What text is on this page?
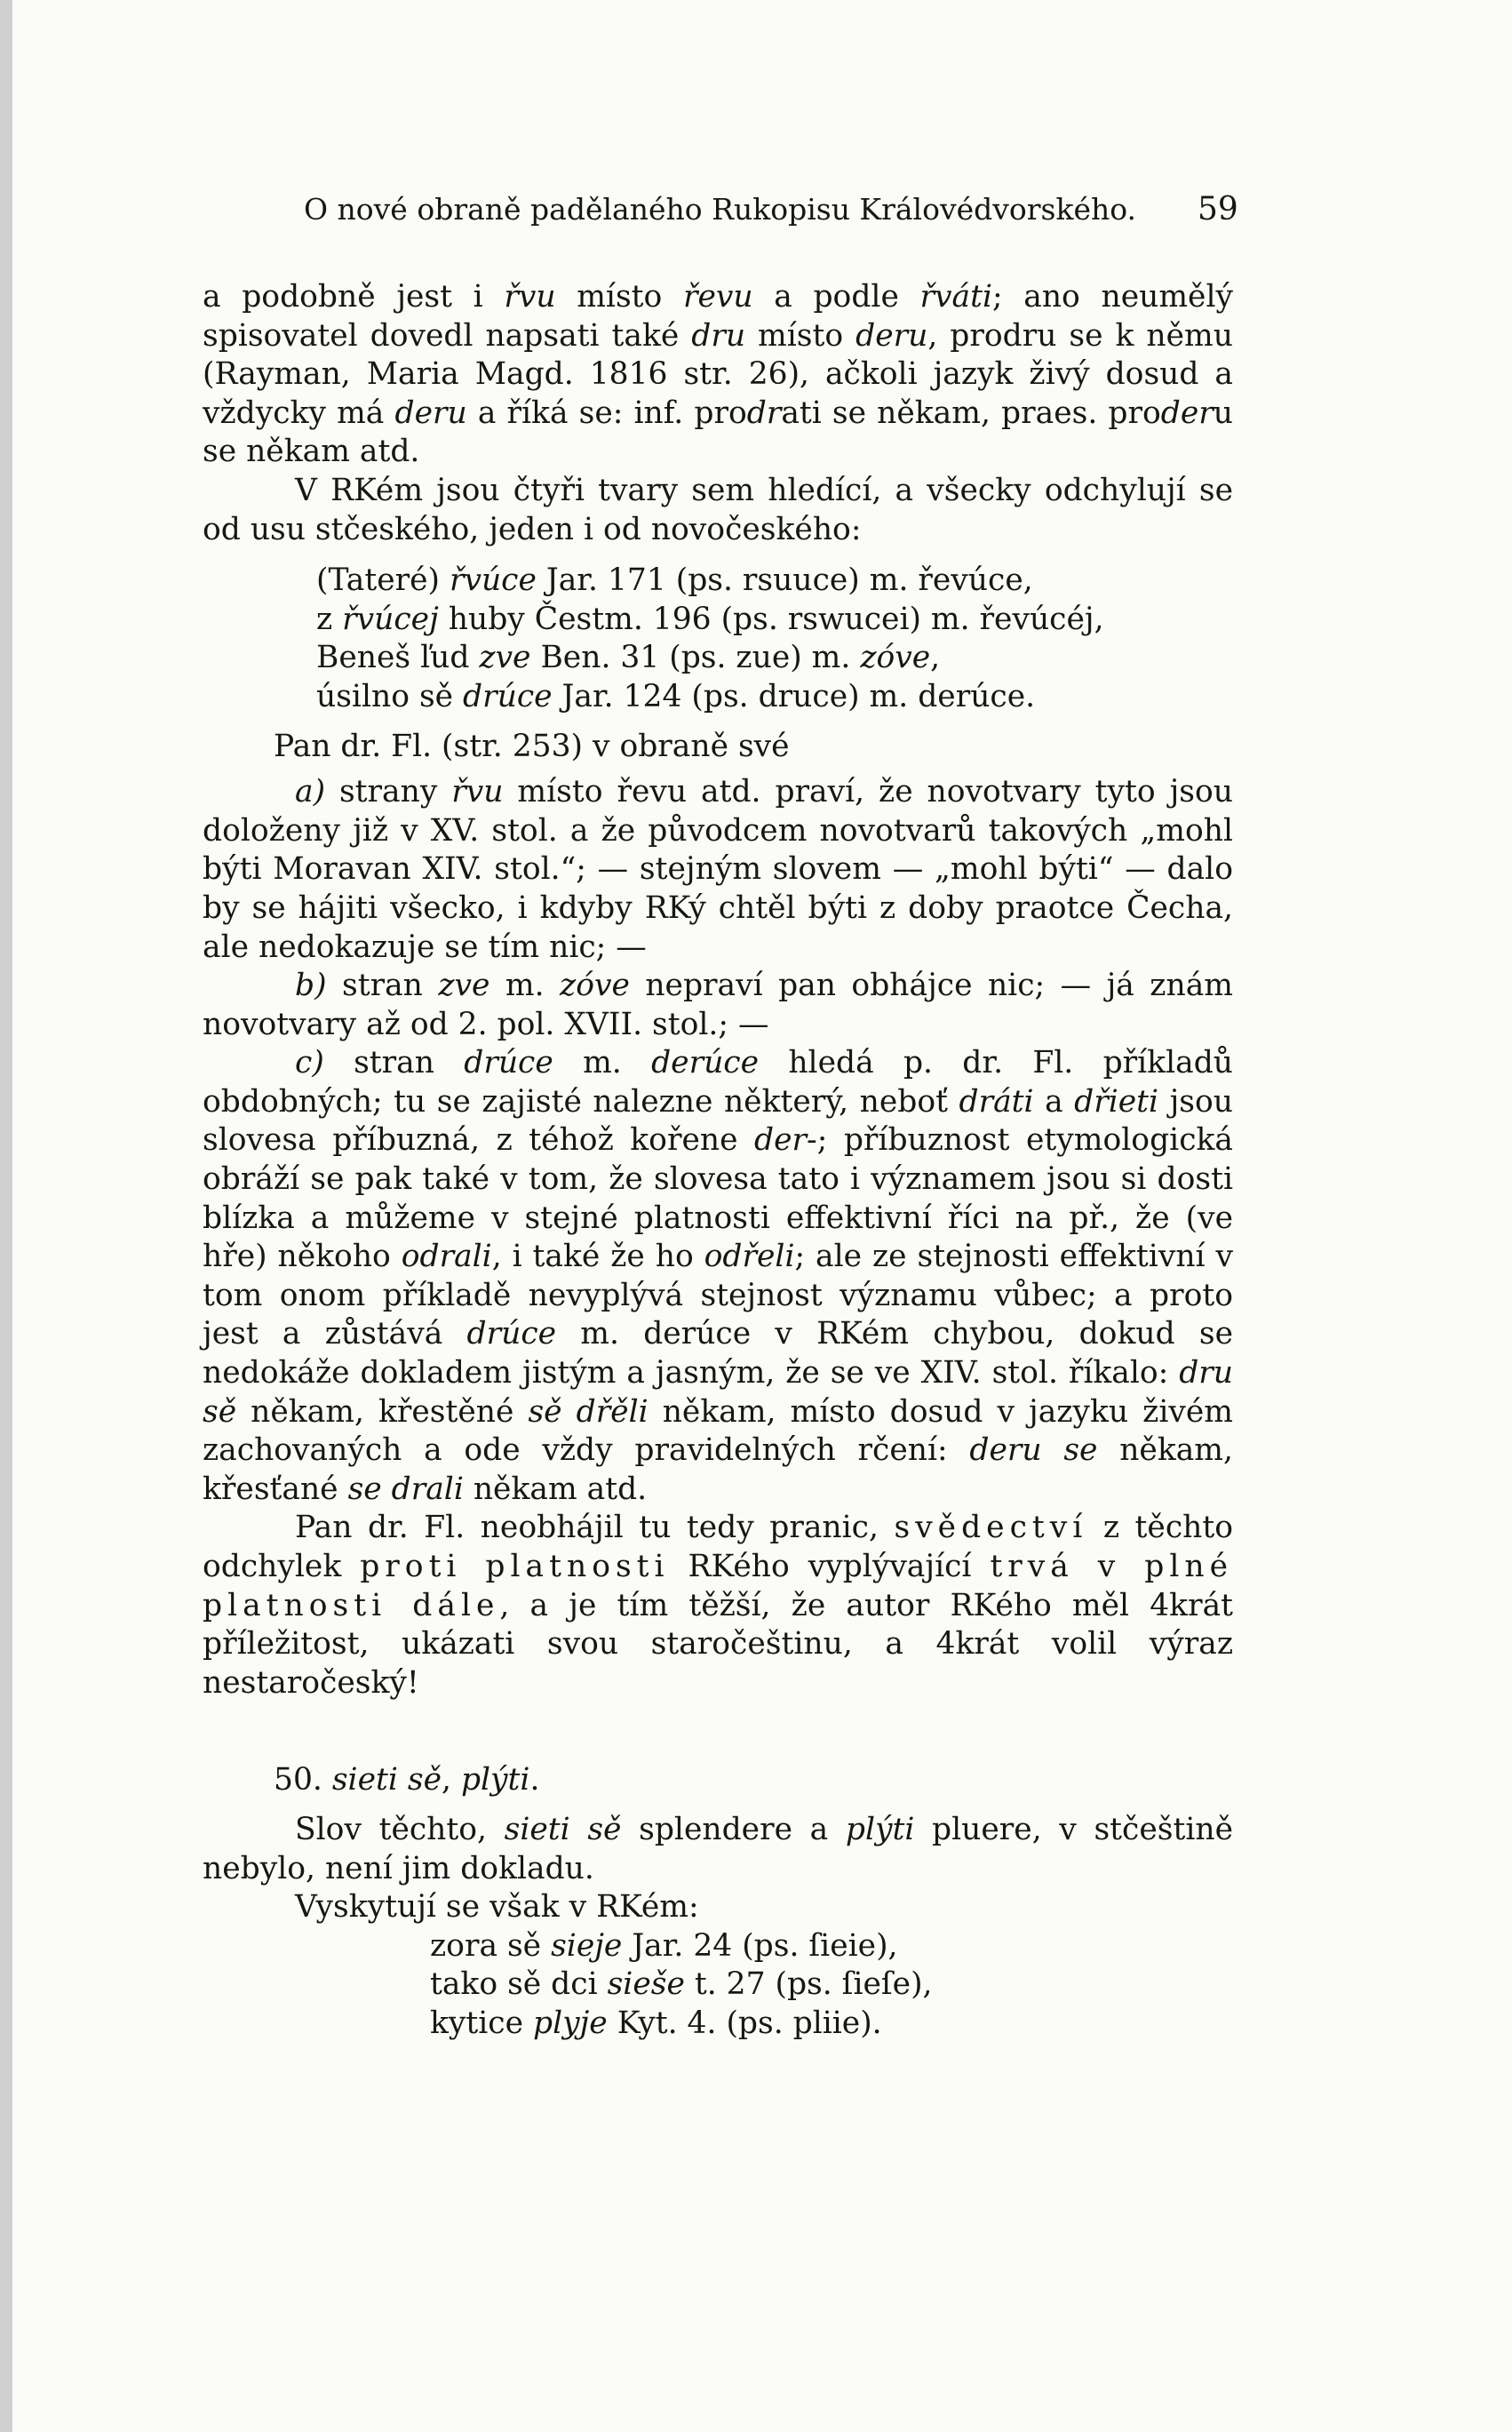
O nové obraně padělaného Rukopisu Královédvorského.	59

a podobně jest i řvu místo řevu a podle řváti; ano neumělý spisovatel dovedl napsati také dru místo deru, prodru se k němu (Rayman, Maria Magd. 1816 str. 26), ačkoli jazyk živý dosud a vždycky má deru a říká se: inf. prodrati se někam, praes. proderu se někam atd.

V RKém jsou čtyři tvary sem hledící, a všecky odchylují se od usu stčeského, jeden i od novočeského:

(Tateré) řvúce Jar. 171 (ps. rsuuce) m. řevúce,
z řvúcej huby Čestm. 196 (ps. rswucei) m. řevúcéj,
Beneš ľud zve Ben. 31 (ps. zue) m. zóve,
úsilno sě drúce Jar. 124 (ps. druce) m. derúce.

Pan dr. Fl. (str. 253) v obraně své

a) strany řvu místo řevu atd. praví, že novotvary tyto jsou doloženy již v XV. stol. a že původcem novotvarů takových „mohl býti Moravan XIV. stol.“; — stejným slovem — „mohl býti“ — dalo by se hájiti všecko, i kdyby RKý chtěl býti z doby praotce Čecha, ale nedokazuje se tím nic; —

b) stran zve m. zóve nepraví pan obhájce nic; — já znám novotvary až od 2. pol. XVII. stol.; —

c) stran drúce m. derúce hledá p. dr. Fl. příkladů obdobných; tu se zajisté nalezne některý, neboť dráti a dřieti jsou slovesa příbuzná, z téhož kořene der-; příbuznost etymologická obráží se pak také v tom, že slovesa tato i významem jsou si dosti blízka a můžeme v stejné platnosti effektivní říci na př., že (ve hře) někoho odrali, i také že ho odřeli; ale ze stejnosti effektivní v tom onom příkladě nevyplývá stejnost významu vůbec; a proto jest a zůstává drúce m. derúce v RKém chybou, dokud se nedokáže dokladem jistým a jasným, že se ve XIV. stol. říkalo: dru sě někam, křestěné sě dřěli někam, místo dosud v jazyku živém zachovaných a ode vždy pravidelných rčení: deru se někam, křesťané se drali někam atd.

Pan dr. Fl. neobhájil tu tedy pranic, svědectví z těchto odchylek proti platnosti RKého vyplývající trvá v plné platnosti dále, a je tím těžší, že autor RKého měl 4krát příležitost, ukázati svou staročeštinu, a 4krát volil výraz nestaročeský!

50. sieti sě, plýti.

Slov těchto, sieti sě splendere a plýti pluere, v stčeštině nebylo, není jim dokladu.

Vyskytují se však v RKém:

zora sě sieje Jar. 24 (ps. ſieie),
tako sě dci sieše t. 27 (ps. ſieſe),
kytice plyje Kyt. 4. (ps. pliie).
